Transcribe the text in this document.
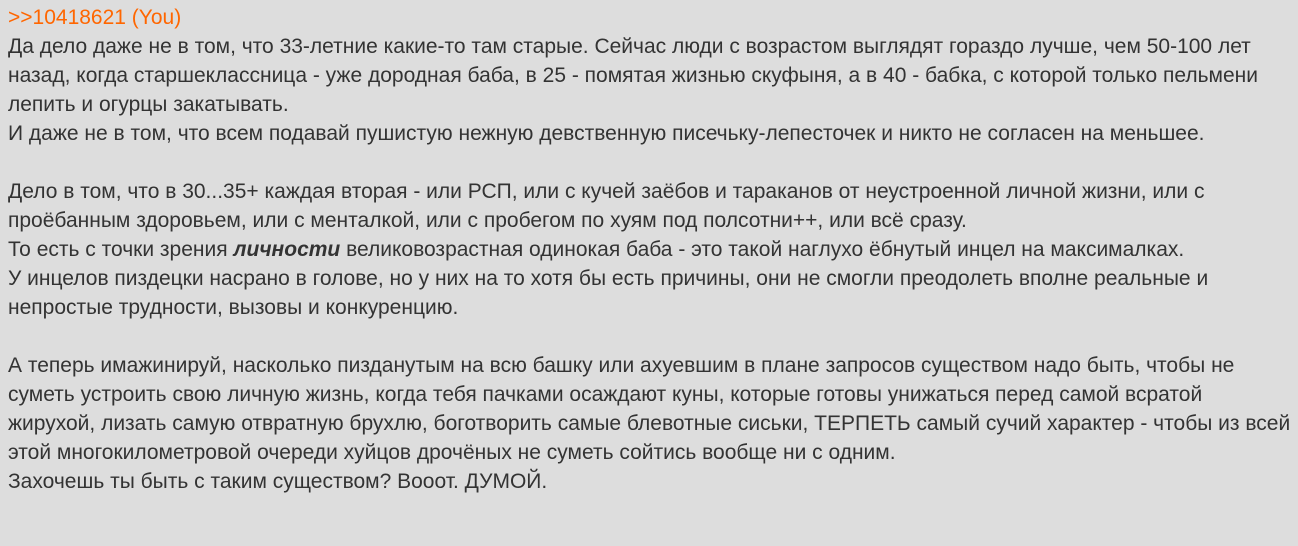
>>10418621 (You)
Да дело даже не в том, что 33-летние какие-то там старые. Сейчас люди с возрастом выглядят гораздо лучше, чем 50-100 лет назад, когда старшеклассница - уже дородная баба, в 25 - помятая жизнью скуфыня, а в 40 - бабка, с которой только пельмени лепить и огурцы закатывать.
И даже не в том, что всем подавай пушистую нежную девственную писечьку-лепесточек и никто не согласен на меньшее.
Дело в том, что в 30...35+ каждая вторая - или РСП, или с кучей заёбов и тараканов от неустроенной личной жизни, или с проёбанным здоровьем, или с менталкой, или с пробегом по хуям под полсотни++, или всё сразу.
То есть с точки зрения личности великовозрастная одинокая баба - это такой наглухо ёбнутый инцел на максималках.
У инцелов пиздецки насрано в голове, но у них на то хотя бы есть причины, они не смогли преодолеть вполне реальные и непростые трудности, вызовы и конкуренцию.
А теперь имажинируй, насколько пизданутым на всю башку или ахуевшим в плане запросов существом надо быть, чтобы не суметь устроить свою личную жизнь, когда тебя пачками осаждают куны, которые готовы унижаться перед самой всратой жирухой, лизать самую отвратную брухлю, боготворить самые блевотные сиськи, ТЕРПЕТЬ самый сучий характер - чтобы из всей этой многокилометровой очереди хуйцов дрочёных не суметь сойтись вообще ни с одним.
Захочешь ты быть с таким существом? Вооот. ДУМОЙ.
